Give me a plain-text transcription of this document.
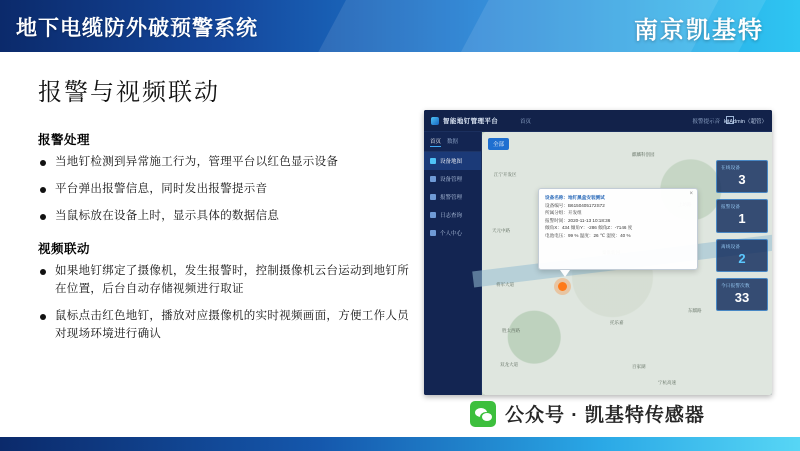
地下电缆防外破预警系统	南京凯基特
报警与视频联动
报警处理
当地钉检测到异常施工行为，管理平台以红色显示设备
平台弹出报警信息，同时发出报警提示音
当鼠标放在设备上时，显示具体的数据信息
视频联动
如果地钉绑定了摄像机，发生报警时，控制摄像机云台运动到地钉所在位置，后台自动存储视频进行取证
鼠标点击红色地钉，播放对应摄像机的实时视频画面，方便工作人员对现场环境进行确认
智能地钉管理平台	首页	报警提示音 kjtAdmin（超管）
首页 数据
设备地图
设备管理
报警管理
日志查询
个人中心
全部
江宁开发区
天元中路
将军大道
胜太西路
双龙大道
托乐嘉
百家湖
麒麟科创园
东麒路
宁杭高速
×
设备名称：地钉黑盒安装测试
设备编号：B6150405172S72
所属分组：开发组
报警时间：2020-11-13 10:18:36
倾角X：434 倾角Y：-286 倾角Z：-7146 度
电池电压：99 % 温度：26 ℃ 湿度：40 %
在线设备
3
报警设备
1
离线设备
2
今日报警次数
33
公众号 · 凯基特传感器
